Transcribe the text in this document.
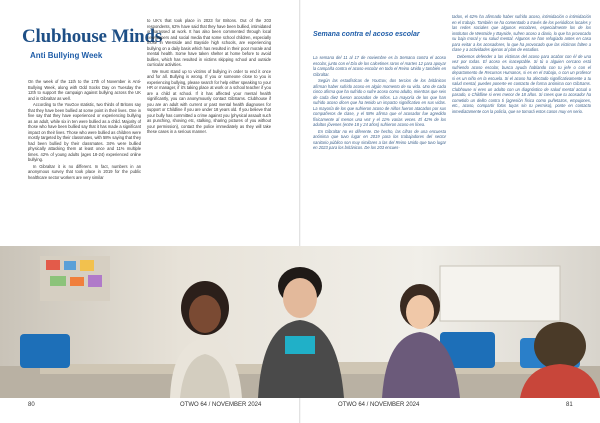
Clubhouse Minds
Anti Bullying Week

On the week of the 11th to the 17th of November is Anti-Bullying Week, along with Odd Socks Day on Tuesday the 12th to support the campaign against bullying across the UK and in Gibraltar as well.

According to the YouGov statistic, two thirds of Britons say that they have been bullied at some point in their lives. One in five say that they have experienced or experiencing bullying as an adult, while six in ten were bullied as a child. Majority of those who have been bullied say that it has made a significant impact on their lives. Those who were bullied as children were mostly targeted by their classmates, with 58% saying that they had been bullied by their classmates. 34% were bullied physically attacking them at least once and 11% multiple times. 42% of young adults (ages 18-24) experienced online bullying.

In Gibraltar it is no different. In fact, numbers in an anonymous survey that took place in 2019 for the public healthcare sector workers are very similar

to UK's that took place in 2023 for Britons. Out of the 203 respondents, 62% have said that they have been bullied, intimidated or harassed at work. It has also been commented through local newspapers and social media that some school children, especially those in Westside and Bayside high schools, are experiencing bullying on a daily basis which has resulted in their poor morale and mental health. Some have taken shelter at home before to avoid bullies, which has resulted in victims skipping school and outside curricular activities.

We must stand up to victims of bullying in order to end it once and for all. Bullying is wrong. If you or someone close to you is experiencing bullying, please search for help either speaking to your HR or manager, if it's taking place at work or a school teacher if you are a child at school. If it has affected your mental health significantly, you can anonymously contact GibSams. Clubhouse if you are an adult with current or past mental health diagnoses for support or Childline if you are under 18 years old. If you believe that your bully has committed a crime against you (physical assault such as punching, shoving etc, stalking, sharing pictures of you without your permission), contact the police immediately as they will take these cases in a serious manner.

Semana contra el acoso escolar

La semana del 11 al 17 de noviembre es la Semana contra el acoso escolar, junto con el Día de los calcetines raros el martes 12 para apoyar la campaña contra el acoso escolar en todo el Reino Unido y también en Gibraltar.

Según las estadísticas de YouGov, dos tercios de los británicos afirman haber sufrido acoso en algún momento de su vida. Uno de cada cinco afirma que ha sufrido o sufre acoso como adulto, mientras que seis de cada diez fueron acosados de niños. La mayoría de los que han sufrido acoso dicen que ha tenido un impacto significativo en sus vidas. La mayoría de los que sufrieron acoso de niños fueron atacados por sus compañeros de clase, y el 58% afirma que el acosador fue agredido físicamente al menos una vez y el 11% varias veces. El 42% de los adultos jóvenes (entre 18 y 24 años) sufrieron acoso en línea.

En Gibraltar no es diferente. De hecho, las cifras de una encuesta anónima que tuvo lugar en 2019 para los trabajadores del sector sanitario público son muy similares a las del Reino Unido que tuvo lugar en 2023 para los británicos. De los 203 encues-

tados, el 62% ha afirmado haber sufrido acoso, intimidación o intimidación en el trabajo. También se ha comentado a través de los periódicos locales y las redes sociales que algunos escolares, especialmente los de los institutos de Westside y Bayside, sufren acoso a diario, lo que ha provocado su baja moral y su salud mental. Algunos se han refugiado antes en casa para evitar a los acosadores, lo que ha provocado que las víctimas falten a clase y a actividades ajenas al plan de estudios.

Debemos defender a las víctimas del acoso para acabar con él de una vez por todas. El acoso es inaceptable. Si tú o alguien cercano está sufriendo acoso escolar, busca ayuda hablando con tu jefe o con el departamento de Recursos Humanos, si es en el trabajo, o con un profesor si es un niño en la escuela. Si el acoso ha afectado significativamente a tu salud mental, puedes ponerte en contacto de forma anónima con GibSams. Clubhouse si eres un adulto con un diagnóstico de salud mental actual o pasado, o Childline si eres menor de 18 años. Si crees que tu acosador ha cometido un delito contra ti (agresión física como puñetazos, empujones, etc., acoso, compartir fotos tuyas sin tu permiso), ponte en contacto inmediatamente con la policía, que se tomará estos casos muy en serio.

80	OTWO 64 / NOVEMBER 2024	OTWO 64 / NOVEMBER 2024	81
